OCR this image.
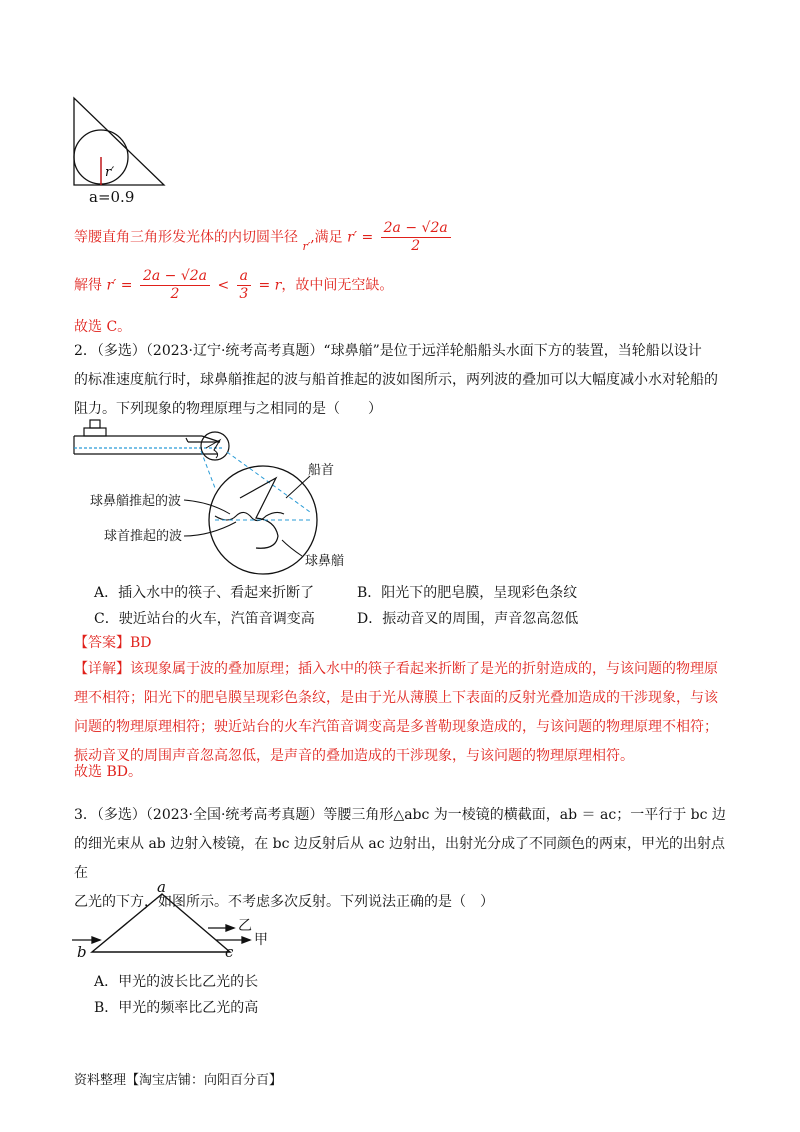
r′
a=0.9
等腰直角三角形发光体的内切圆半径 $_{r'}$,满足 $r' = \frac{2a - √2a}{2}$
解得 $r' = \frac{2a - √2a}{2} < \frac{a}{3} = r$，故中间无空缺。
故选 C。
2．（多选）（2023·辽宁·统考高考真题）“球鼻艏”是位于远洋轮船船头水面下方的装置，当轮船以设计
的标准速度航行时，球鼻艏推起的波与船首推起的波如图所示，两列波的叠加可以大幅度减小水对轮船的
阻力。下列现象的物理原理与之相同的是（　　）
船首
球鼻艏推起的波
球首推起的波
球鼻艏
A．插入水中的筷子、看起来折断了	B．阳光下的肥皂膜，呈现彩色条纹
C．驶近站台的火车，汽笛音调变高	D．振动音叉的周围，声音忽高忽低
【答案】BD
【详解】该现象属于波的叠加原理；插入水中的筷子看起来折断了是光的折射造成的，与该问题的物理原
理不相符；阳光下的肥皂膜呈现彩色条纹，是由于光从薄膜上下表面的反射光叠加造成的干涉现象，与该
问题的物理原理相符；驶近站台的火车汽笛音调变高是多普勒现象造成的，与该问题的物理原理不相符；
振动音叉的周围声音忽高忽低，是声音的叠加造成的干涉现象，与该问题的物理原理相符。
故选 BD。
3．（多选）（2023·全国·统考高考真题）等腰三角形△abc 为一棱镜的横截面，ab ＝ ac；一平行于 bc 边
的细光束从 ab 边射入棱镜，在 bc 边反射后从 ac 边射出，出射光分成了不同颜色的两束，甲光的出射点在
乙光的下方，如图所示。不考虑多次反射。下列说法正确的是（　）
a
b	c
乙
甲
A．甲光的波长比乙光的长
B．甲光的频率比乙光的高
资料整理【淘宝店铺：向阳百分百】
